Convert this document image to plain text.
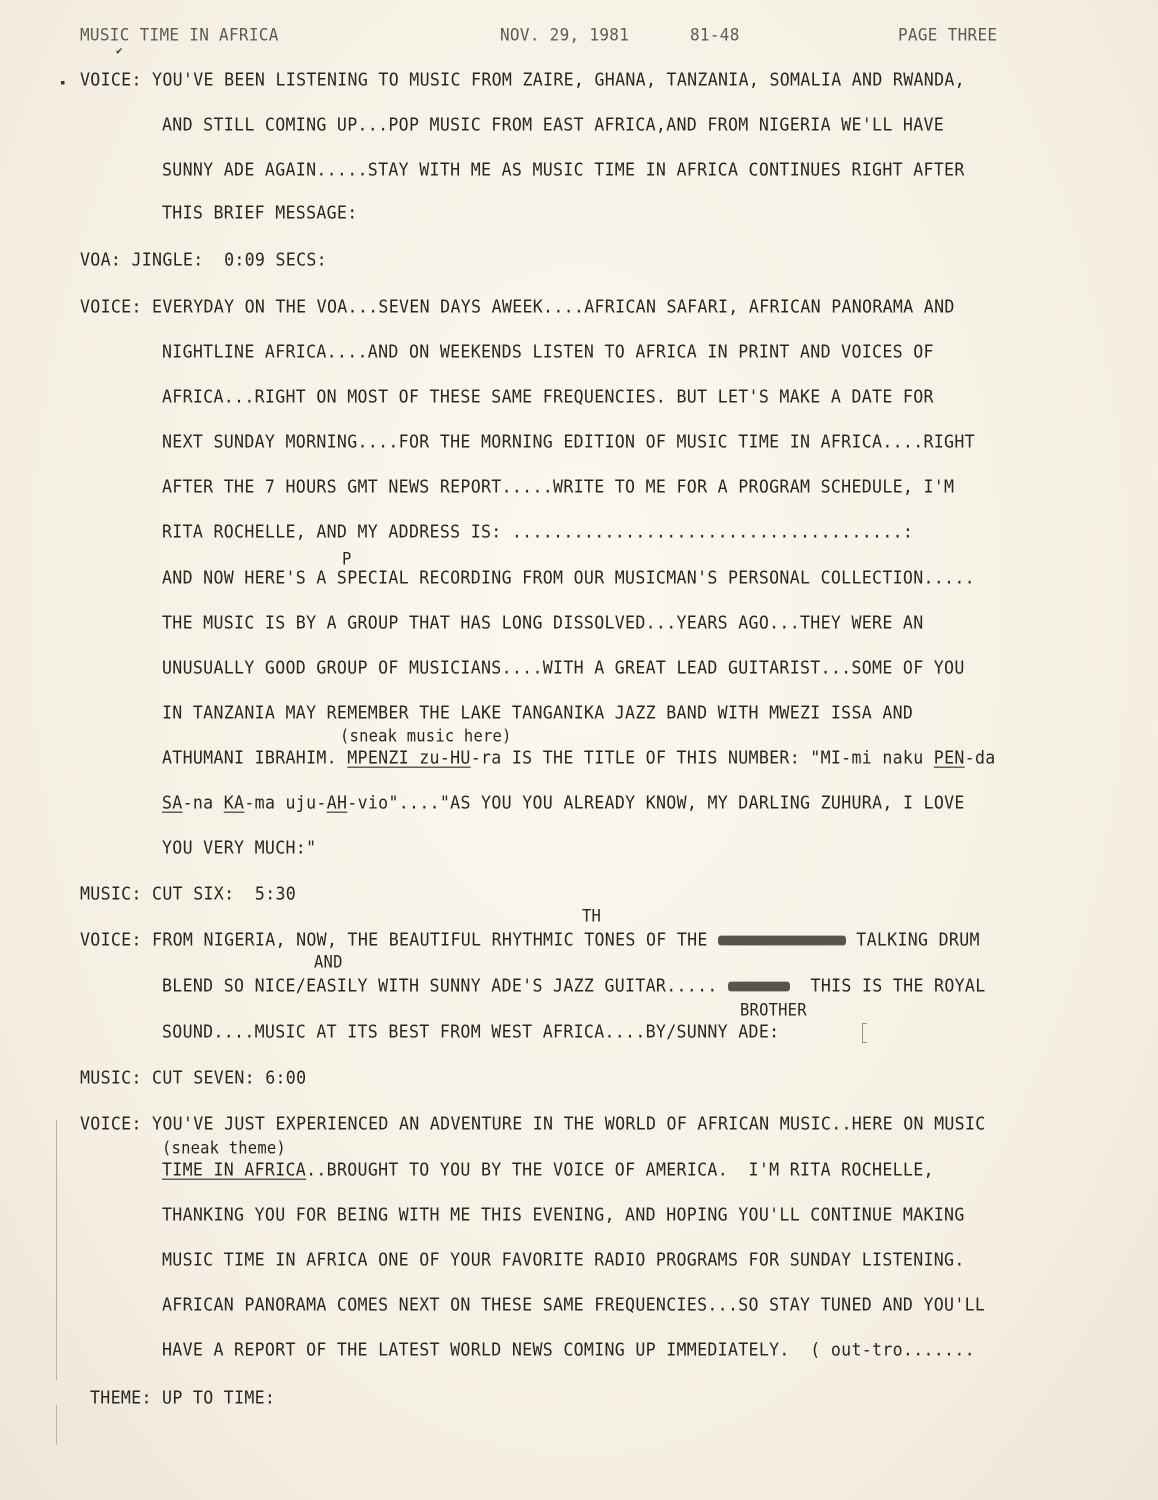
MUSIC TIME IN AFRICA	NOV. 29, 1981	81-48	PAGE THREE
✔
▪ VOICE: YOU'VE BEEN LISTENING TO MUSIC FROM ZAIRE, GHANA, TANZANIA, SOMALIA AND RWANDA,
AND STILL COMING UP...POP MUSIC FROM EAST AFRICA,AND FROM NIGERIA WE'LL HAVE
SUNNY ADE AGAIN.....STAY WITH ME AS MUSIC TIME IN AFRICA CONTINUES RIGHT AFTER
THIS BRIEF MESSAGE:
VOA: JINGLE:  0:09 SECS:
VOICE: EVERYDAY ON THE VOA...SEVEN DAYS AWEEK....AFRICAN SAFARI, AFRICAN PANORAMA AND
NIGHTLINE AFRICA....AND ON WEEKENDS LISTEN TO AFRICA IN PRINT AND VOICES OF
AFRICA...RIGHT ON MOST OF THESE SAME FREQUENCIES. BUT LET'S MAKE A DATE FOR
NEXT SUNDAY MORNING....FOR THE MORNING EDITION OF MUSIC TIME IN AFRICA....RIGHT
AFTER THE 7 HOURS GMT NEWS REPORT.....WRITE TO ME FOR A PROGRAM SCHEDULE, I'M
RITA ROCHELLE, AND MY ADDRESS IS: ......................................:
P
AND NOW HERE'S A SPECIAL RECORDING FROM OUR MUSICMAN'S PERSONAL COLLECTION.....
THE MUSIC IS BY A GROUP THAT HAS LONG DISSOLVED...YEARS AGO...THEY WERE AN
UNUSUALLY GOOD GROUP OF MUSICIANS....WITH A GREAT LEAD GUITARIST...SOME OF YOU
IN TANZANIA MAY REMEMBER THE LAKE TANGANIKA JAZZ BAND WITH MWEZI ISSA AND
(sneak music here)
ATHUMANI IBRAHIM. MPENZI zu-HU-ra IS THE TITLE OF THIS NUMBER: "MI-mi naku PEN-da
SA-na KA-ma uju-AH-vio"...."AS YOU YOU ALREADY KNOW, MY DARLING ZUHURA, I LOVE
YOU VERY MUCH:"
MUSIC: CUT SIX:  5:30
TH
VOICE: FROM NIGERIA, NOW, THE BEAUTIFUL RHYTHMIC TONES OF THE	TALKING DRUM
AND
BLEND SO NICE/EASILY WITH SUNNY ADE'S JAZZ GUITAR.....	THIS IS THE ROYAL
BROTHER
SOUND....MUSIC AT ITS BEST FROM WEST AFRICA....BY/SUNNY ADE:
MUSIC: CUT SEVEN: 6:00
VOICE: YOU'VE JUST EXPERIENCED AN ADVENTURE IN THE WORLD OF AFRICAN MUSIC..HERE ON MUSIC
(sneak theme)
TIME IN AFRICA..BROUGHT TO YOU BY THE VOICE OF AMERICA.  I'M RITA ROCHELLE,
THANKING YOU FOR BEING WITH ME THIS EVENING, AND HOPING YOU'LL CONTINUE MAKING
MUSIC TIME IN AFRICA ONE OF YOUR FAVORITE RADIO PROGRAMS FOR SUNDAY LISTENING.
AFRICAN PANORAMA COMES NEXT ON THESE SAME FREQUENCIES...SO STAY TUNED AND YOU'LL
HAVE A REPORT OF THE LATEST WORLD NEWS COMING UP IMMEDIATELY.  ( out-tro.......
THEME: UP TO TIME:
